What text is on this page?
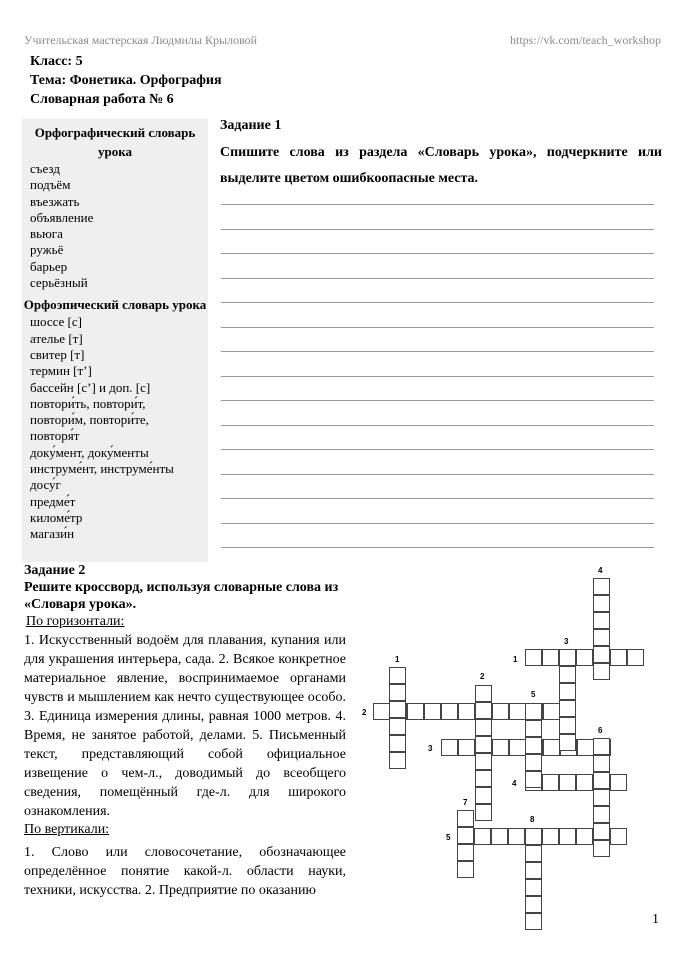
Учительская мастерская Людмилы Крыловой	https://vk.com/teach_workshop
Класс: 5
Тема: Фонетика. Орфография
Словарная работа № 6
Орфографический словарь урока
съезд
подъём
въезжать
объявление
вьюга
ружьё
барьер
серьёзный
Орфоэпический словарь урока
шоссе [с]
ателье [т]
свитер [т]
термин [т’]
бассейн [с’] и доп. [с]
повтори́ть, повтори́т,
повтори́м, повтори́те,
повторя́т
доку́мент, доку́менты
инструме́нт, инструме́нты
досу́г
предме́т
киломе́тр
магази́н
Задание 1
Спишите слова из раздела «Словарь урока», подчеркните или выделите цветом ошибкоопасные места.
Задание 2
Решите кроссворд, используя словарные слова из «Словаря урока».
По горизонтали:
1. Искусственный водоём для плавания, купания или для украшения интерьера, сада. 2. Всякое конкретное материальное явление, воспринимаемое органами чувств и мышлением как нечто существующее особо. 3. Единица измерения длины, равная 1000 метров. 4. Время, не занятое работой, делами. 5. Письменный текст, представляющий собой официальное извещение о чем-л., доводимый до всеобщего сведения, помещённый где-л. для широкого ознакомления.
По вертикали:
1. Слово или словосочетание, обозначающее определённое понятие какой-л. области науки, техники, искусства. 2. Предприятие по оказанию
1
1
2
2
3
3
4
4
5
5
6
7
8
1
